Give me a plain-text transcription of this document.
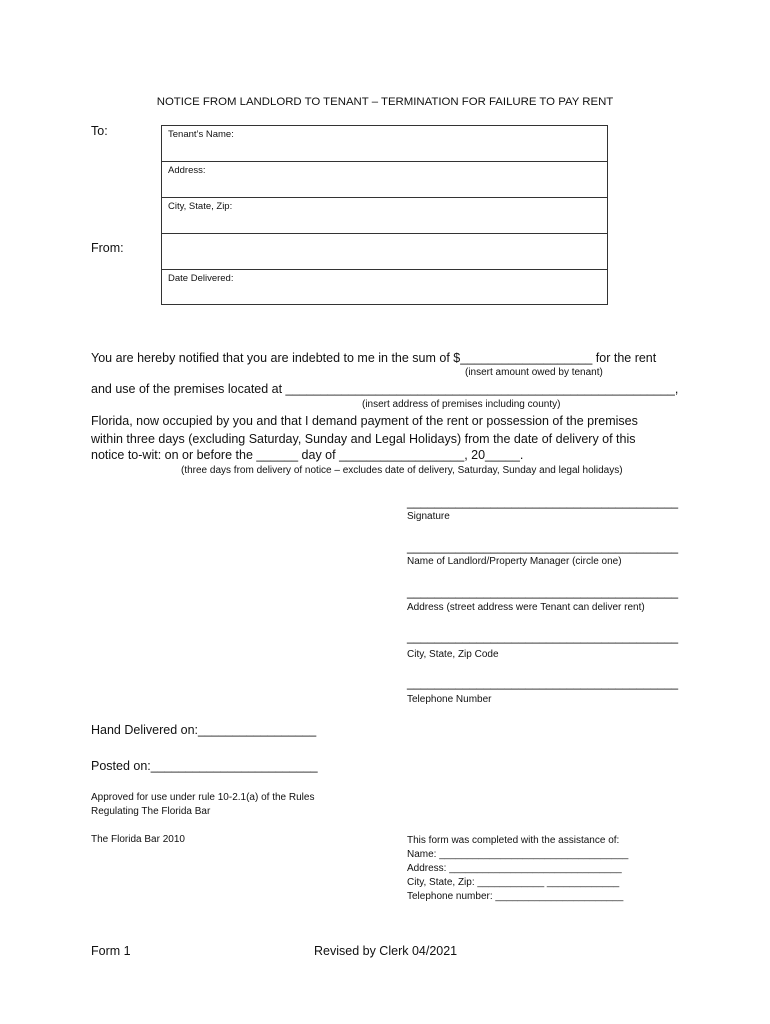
NOTICE FROM LANDLORD TO TENANT – TERMINATION FOR FAILURE TO PAY RENT
To:
From:
Tenant’s Name:
Address:
City, State, Zip:
Date Delivered:
You are hereby notified that you are indebted to me in the sum of $___________________ for the rent
(insert amount owed by tenant)
and use of the premises located at ________________________________________________________,
(insert address of premises including county)
Florida, now occupied by you and that I demand payment of the rent or possession of the premises
within three days (excluding Saturday, Sunday and Legal Holidays) from the date of delivery of this
notice to-wit: on or before the ______ day of __________________, 20_____.
(three days from delivery of notice – excludes date of delivery, Saturday, Sunday and legal holidays)
_______________________________________
Signature
_______________________________________
Name of Landlord/Property Manager (circle one)
_______________________________________
Address (street address were Tenant can deliver rent)
_______________________________________
City, State, Zip Code
_______________________________________
Telephone Number
Hand Delivered on:_________________
Posted on:________________________
Approved for use under rule 10-2.1(a) of the Rules
Regulating The Florida Bar
The Florida Bar 2010	This form was completed with the assistance of:
Name: __________________________________
Address: _______________________________
City, State, Zip: ____________ _____________
Telephone number: _______________________
Form 1	Revised by Clerk 04/2021
